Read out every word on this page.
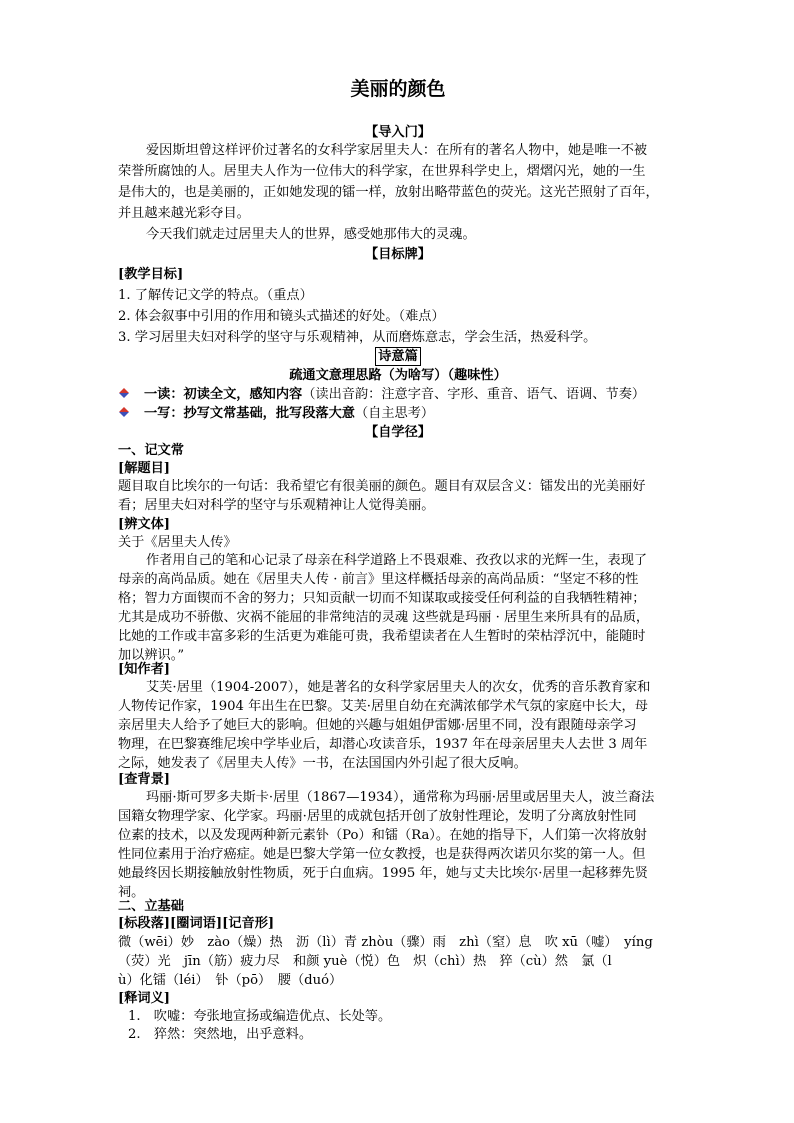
美丽的颜色
【导入门】
爱因斯坦曾这样评价过著名的女科学家居里夫人：在所有的著名人物中，她是唯一不被
荣誉所腐蚀的人。居里夫人作为一位伟大的科学家，在世界科学史上，熠熠闪光，她的一生
是伟大的，也是美丽的，正如她发现的镭一样，放射出略带蓝色的荧光。这光芒照射了百年，
并且越来越光彩夺目。
今天我们就走过居里夫人的世界，感受她那伟大的灵魂。
【目标牌】
[教学目标]
1. 了解传记文学的特点。（重点）
2. 体会叙事中引用的作用和镜头式描述的好处。（难点）
3. 学习居里夫妇对科学的坚守与乐观精神，从而磨炼意志，学会生活，热爱科学。
诗意篇
疏通文意理思路（为啥写）（趣味性）
一读：初读全文，感知内容（读出音韵：注意字音、字形、重音、语气、语调、节奏）
一写：抄写文常基础，批写段落大意（自主思考）
【自学径】
一、记文常
[解题目]
题目取自比埃尔的一句话：我希望它有很美丽的颜色。题目有双层含义：镭发出的光美丽好
看；居里夫妇对科学的坚守与乐观精神让人觉得美丽。
[辨文体]
关于《居里夫人传》
作者用自己的笔和心记录了母亲在科学道路上不畏艰难、孜孜以求的光辉一生，表现了
母亲的高尚品质。她在《居里夫人传 · 前言》里这样概括母亲的高尚品质：“坚定不移的性
格；智力方面锲而不舍的努力；只知贡献一切而不知谋取或接受任何利益的自我牺牲精神；
尤其是成功不骄傲、灾祸不能屈的非常纯洁的灵魂 这些就是玛丽 · 居里生来所具有的品质，
比她的工作或丰富多彩的生活更为难能可贵，我希望读者在人生暂时的荣枯浮沉中，能随时
加以辨识。”
[知作者]
艾芙·居里（1904-2007），她是著名的女科学家居里夫人的次女，优秀的音乐教育家和
人物传记作家，1904 年出生在巴黎。艾芙·居里自幼在充满浓郁学术气氛的家庭中长大，母
亲居里夫人给予了她巨大的影响。但她的兴趣与姐姐伊雷娜·居里不同，没有跟随母亲学习
物理，在巴黎赛维尼埃中学毕业后，却潜心攻读音乐，1937 年在母亲居里夫人去世 3 周年
之际，她发表了《居里夫人传》一书，在法国国内外引起了很大反响。
[查背景]
玛丽·斯可罗多夫斯卡·居里（1867—1934），通常称为玛丽·居里或居里夫人，波兰裔法
国籍女物理学家、化学家。玛丽·居里的成就包括开创了放射性理论，发明了分离放射性同
位素的技术，以及发现两种新元素钋（Po）和镭（Ra）。在她的指导下，人们第一次将放射
性同位素用于治疗癌症。她是巴黎大学第一位女教授，也是获得两次诺贝尔奖的第一人。但
她最终因长期接触放射性物质，死于白血病。1995 年，她与丈夫比埃尔·居里一起移葬先贤
祠。
二、立基础
[标段落][圈词语][记音形]
微（wēi）妙　zào（燥）热　沥（lì）青 zhòu（骤）雨　zhì（窒）息　吹 xū（嘘）　yíng
（荧）光　jīn（筋）疲力尽　和颜 yuè（悦）色　炽（chì）热　猝（cù）然　氯（l
ù）化镭（léi）　钋（pō）　腰（duó）
[释词义]
1.　吹嘘：夸张地宣扬或编造优点、长处等。
2.　猝然：突然地，出乎意料。
